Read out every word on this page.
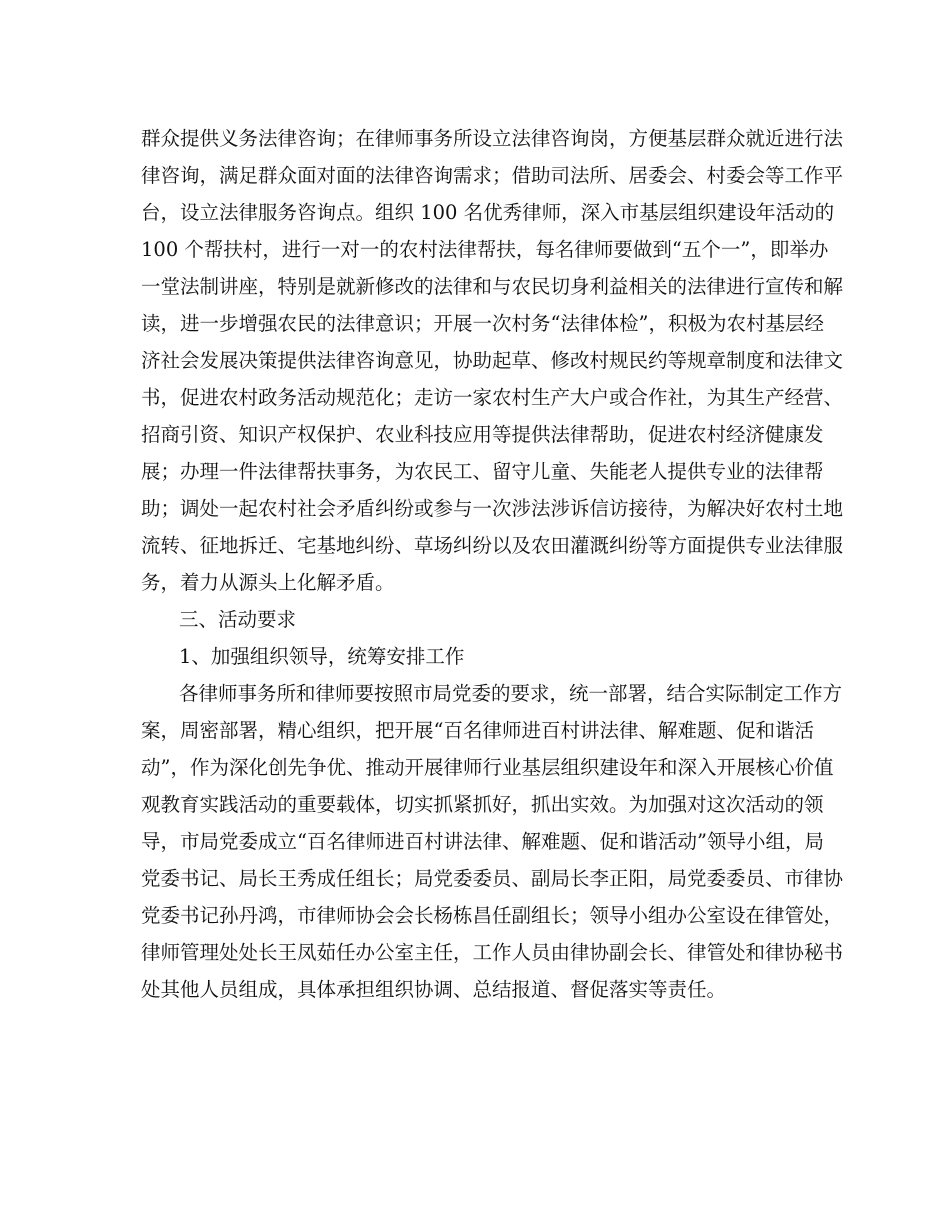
群众提供义务法律咨询；在律师事务所设立法律咨询岗，方便基层群众就近进行法
律咨询，满足群众面对面的法律咨询需求；借助司法所、居委会、村委会等工作平
台，设立法律服务咨询点。组织 100 名优秀律师，深入市基层组织建设年活动的
100 个帮扶村，进行一对一的农村法律帮扶，每名律师要做到“五个一”，即举办
一堂法制讲座，特别是就新修改的法律和与农民切身利益相关的法律进行宣传和解
读，进一步增强农民的法律意识；开展一次村务“法律体检”，积极为农村基层经
济社会发展决策提供法律咨询意见，协助起草、修改村规民约等规章制度和法律文
书，促进农村政务活动规范化；走访一家农村生产大户或合作社，为其生产经营、
招商引资、知识产权保护、农业科技应用等提供法律帮助，促进农村经济健康发
展；办理一件法律帮扶事务，为农民工、留守儿童、失能老人提供专业的法律帮
助；调处一起农村社会矛盾纠纷或参与一次涉法涉诉信访接待，为解决好农村土地
流转、征地拆迁、宅基地纠纷、草场纠纷以及农田灌溉纠纷等方面提供专业法律服
务，着力从源头上化解矛盾。
三、活动要求
1、加强组织领导，统筹安排工作
各律师事务所和律师要按照市局党委的要求，统一部署，结合实际制定工作方
案，周密部署，精心组织，把开展“百名律师进百村讲法律、解难题、促和谐活
动”，作为深化创先争优、推动开展律师行业基层组织建设年和深入开展核心价值
观教育实践活动的重要载体，切实抓紧抓好，抓出实效。为加强对这次活动的领
导，市局党委成立“百名律师进百村讲法律、解难题、促和谐活动”领导小组，局
党委书记、局长王秀成任组长；局党委委员、副局长李正阳，局党委委员、市律协
党委书记孙丹鸿，市律师协会会长杨栋昌任副组长；领导小组办公室设在律管处，
律师管理处处长王凤茹任办公室主任，工作人员由律协副会长、律管处和律协秘书
处其他人员组成，具体承担组织协调、总结报道、督促落实等责任。
